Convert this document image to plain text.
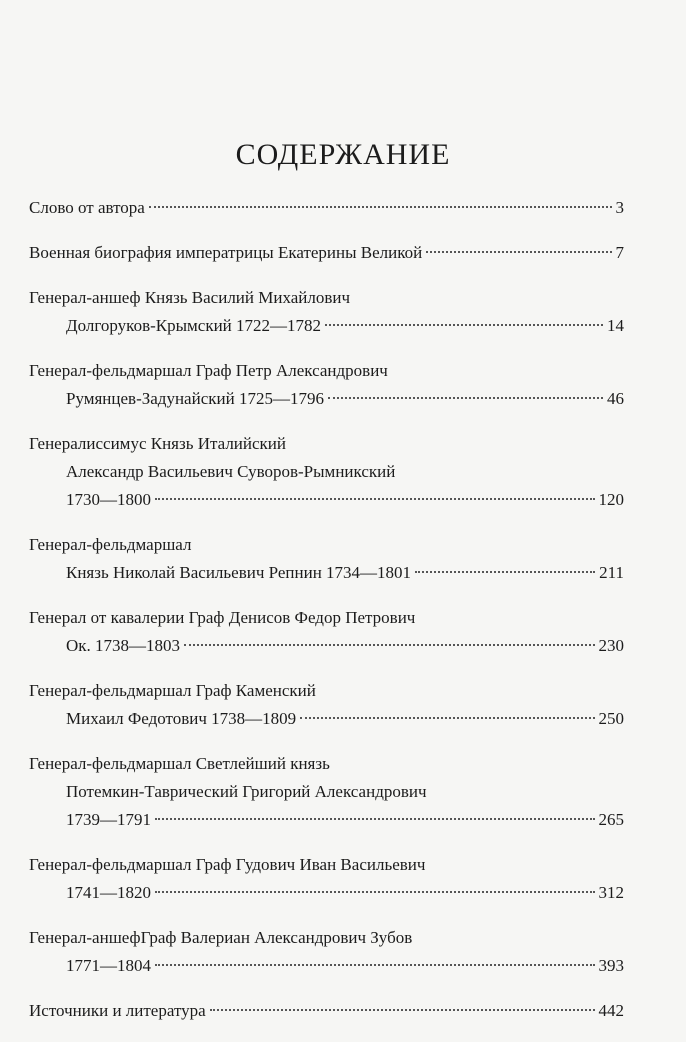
СОДЕРЖАНИЕ
Слово от автора	3
Военная биография императрицы Екатерины Великой	7
Генерал-аншеф Князь Василий Михайлович
Долгоруков-Крымский 1722—1782	14
Генерал-фельдмаршал Граф Петр Александрович
Румянцев-Задунайский 1725—1796	46
Генералиссимус Князь Италийский
Александр Васильевич Суворов-Рымникский
1730—1800	120
Генерал-фельдмаршал
Князь Николай Васильевич Репнин 1734—1801	211
Генерал от кавалерии Граф Денисов Федор Петрович
Ок. 1738—1803	230
Генерал-фельдмаршал Граф Каменский
Михаил Федотович 1738—1809	250
Генерал-фельдмаршал Светлейший князь
Потемкин-Таврический Григорий Александрович
1739—1791	265
Генерал-фельдмаршал Граф Гудович Иван Васильевич
1741—1820	312
Генерал-аншефГраф Валериан Александрович Зубов
1771—1804	393
Источники и литература	442
